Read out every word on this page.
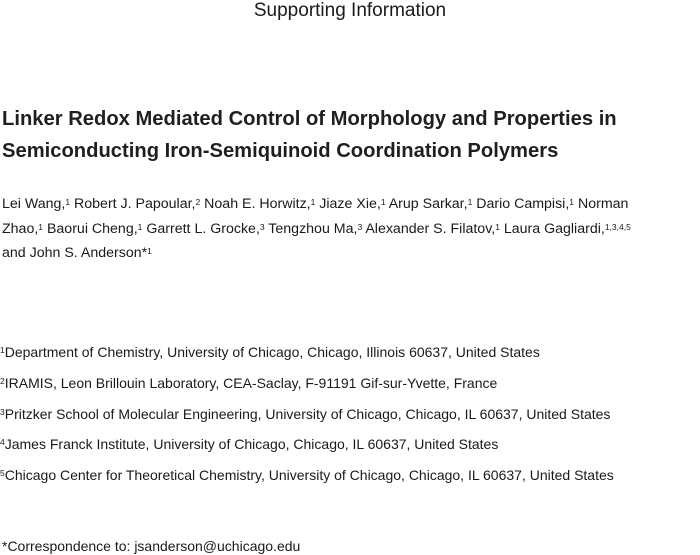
Supporting Information
Linker Redox Mediated Control of Morphology and Properties in
Semiconducting Iron-Semiquinoid Coordination Polymers

Lei Wang,$^1$ Robert J. Papoular,$^2$ Noah E. Horwitz,$^1$ Jiaze Xie,$^1$ Arup Sarkar,$^1$ Dario Campisi,$^1$ Norman
Zhao,$^1$ Baorui Cheng,$^1$ Garrett L. Grocke,$^3$ Tengzhou Ma,$^3$ Alexander S. Filatov,$^1$ Laura Gagliardi,$^{1,3,4,5}$
and John S. Anderson*$^1$

$^1$Department of Chemistry, University of Chicago, Chicago, Illinois 60637, United States
$^2$IRAMIS, Leon Brillouin Laboratory, CEA-Saclay, F-91191 Gif-sur-Yvette, France
$^3$Pritzker School of Molecular Engineering, University of Chicago, Chicago, IL 60637, United States
$^4$James Franck Institute, University of Chicago, Chicago, IL 60637, United States
$^5$Chicago Center for Theoretical Chemistry, University of Chicago, Chicago, IL 60637, United States
*Correspondence to: jsanderson@uchicago.edu
